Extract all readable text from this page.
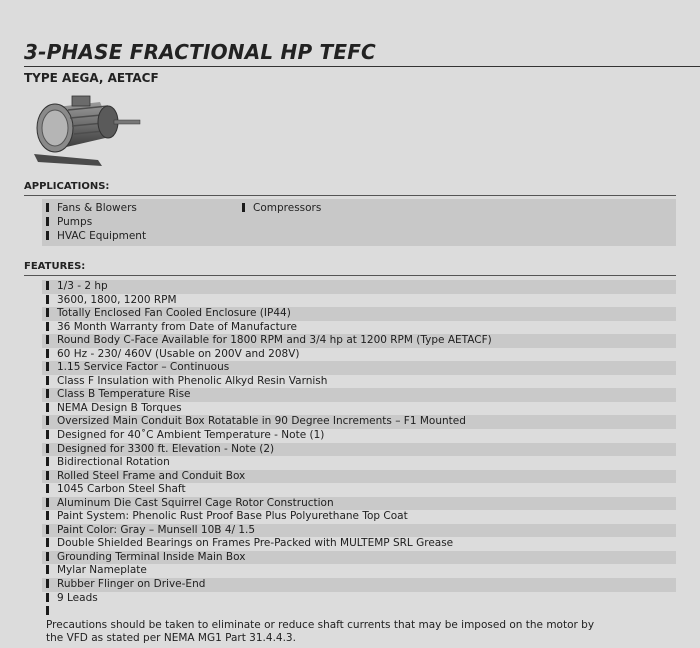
3-PHASE FRACTIONAL HP TEFC
TYPE AEGA, AETACF
APPLICATIONS:
Fans & Blowers
Pumps
HVAC Equipment
Compressors
FEATURES:
1/3 - 2 hp
3600, 1800, 1200 RPM
Totally Enclosed Fan Cooled Enclosure (IP44)
36 Month Warranty from Date of Manufacture
Round Body C-Face Available for 1800 RPM and 3/4 hp at 1200 RPM (Type AETACF)
60 Hz - 230/ 460V (Usable on 200V and 208V)
1.15 Service Factor – Continuous
Class F Insulation with Phenolic Alkyd Resin Varnish
Class B Temperature Rise
NEMA Design B Torques
Oversized Main Conduit Box Rotatable in 90 Degree Increments – F1 Mounted
Designed for 40˚C Ambient Temperature - Note (1)
Designed for 3300 ft. Elevation - Note (2)
Bidirectional Rotation
Rolled Steel Frame and Conduit Box
1045 Carbon Steel Shaft
Aluminum Die Cast Squirrel Cage Rotor Construction
Paint System: Phenolic Rust Proof Base Plus Polyurethane Top Coat
Paint Color: Gray – Munsell 10B 4/ 1.5
Double Shielded Bearings on Frames Pre-Packed with MULTEMP SRL Grease
Grounding Terminal Inside Main Box
Mylar Nameplate
Rubber Flinger on Drive-End
9 Leads
Precautions should be taken to eliminate or reduce shaft currents that may be imposed on the motor by the VFD as stated per NEMA MG1 Part 31.4.4.3.
